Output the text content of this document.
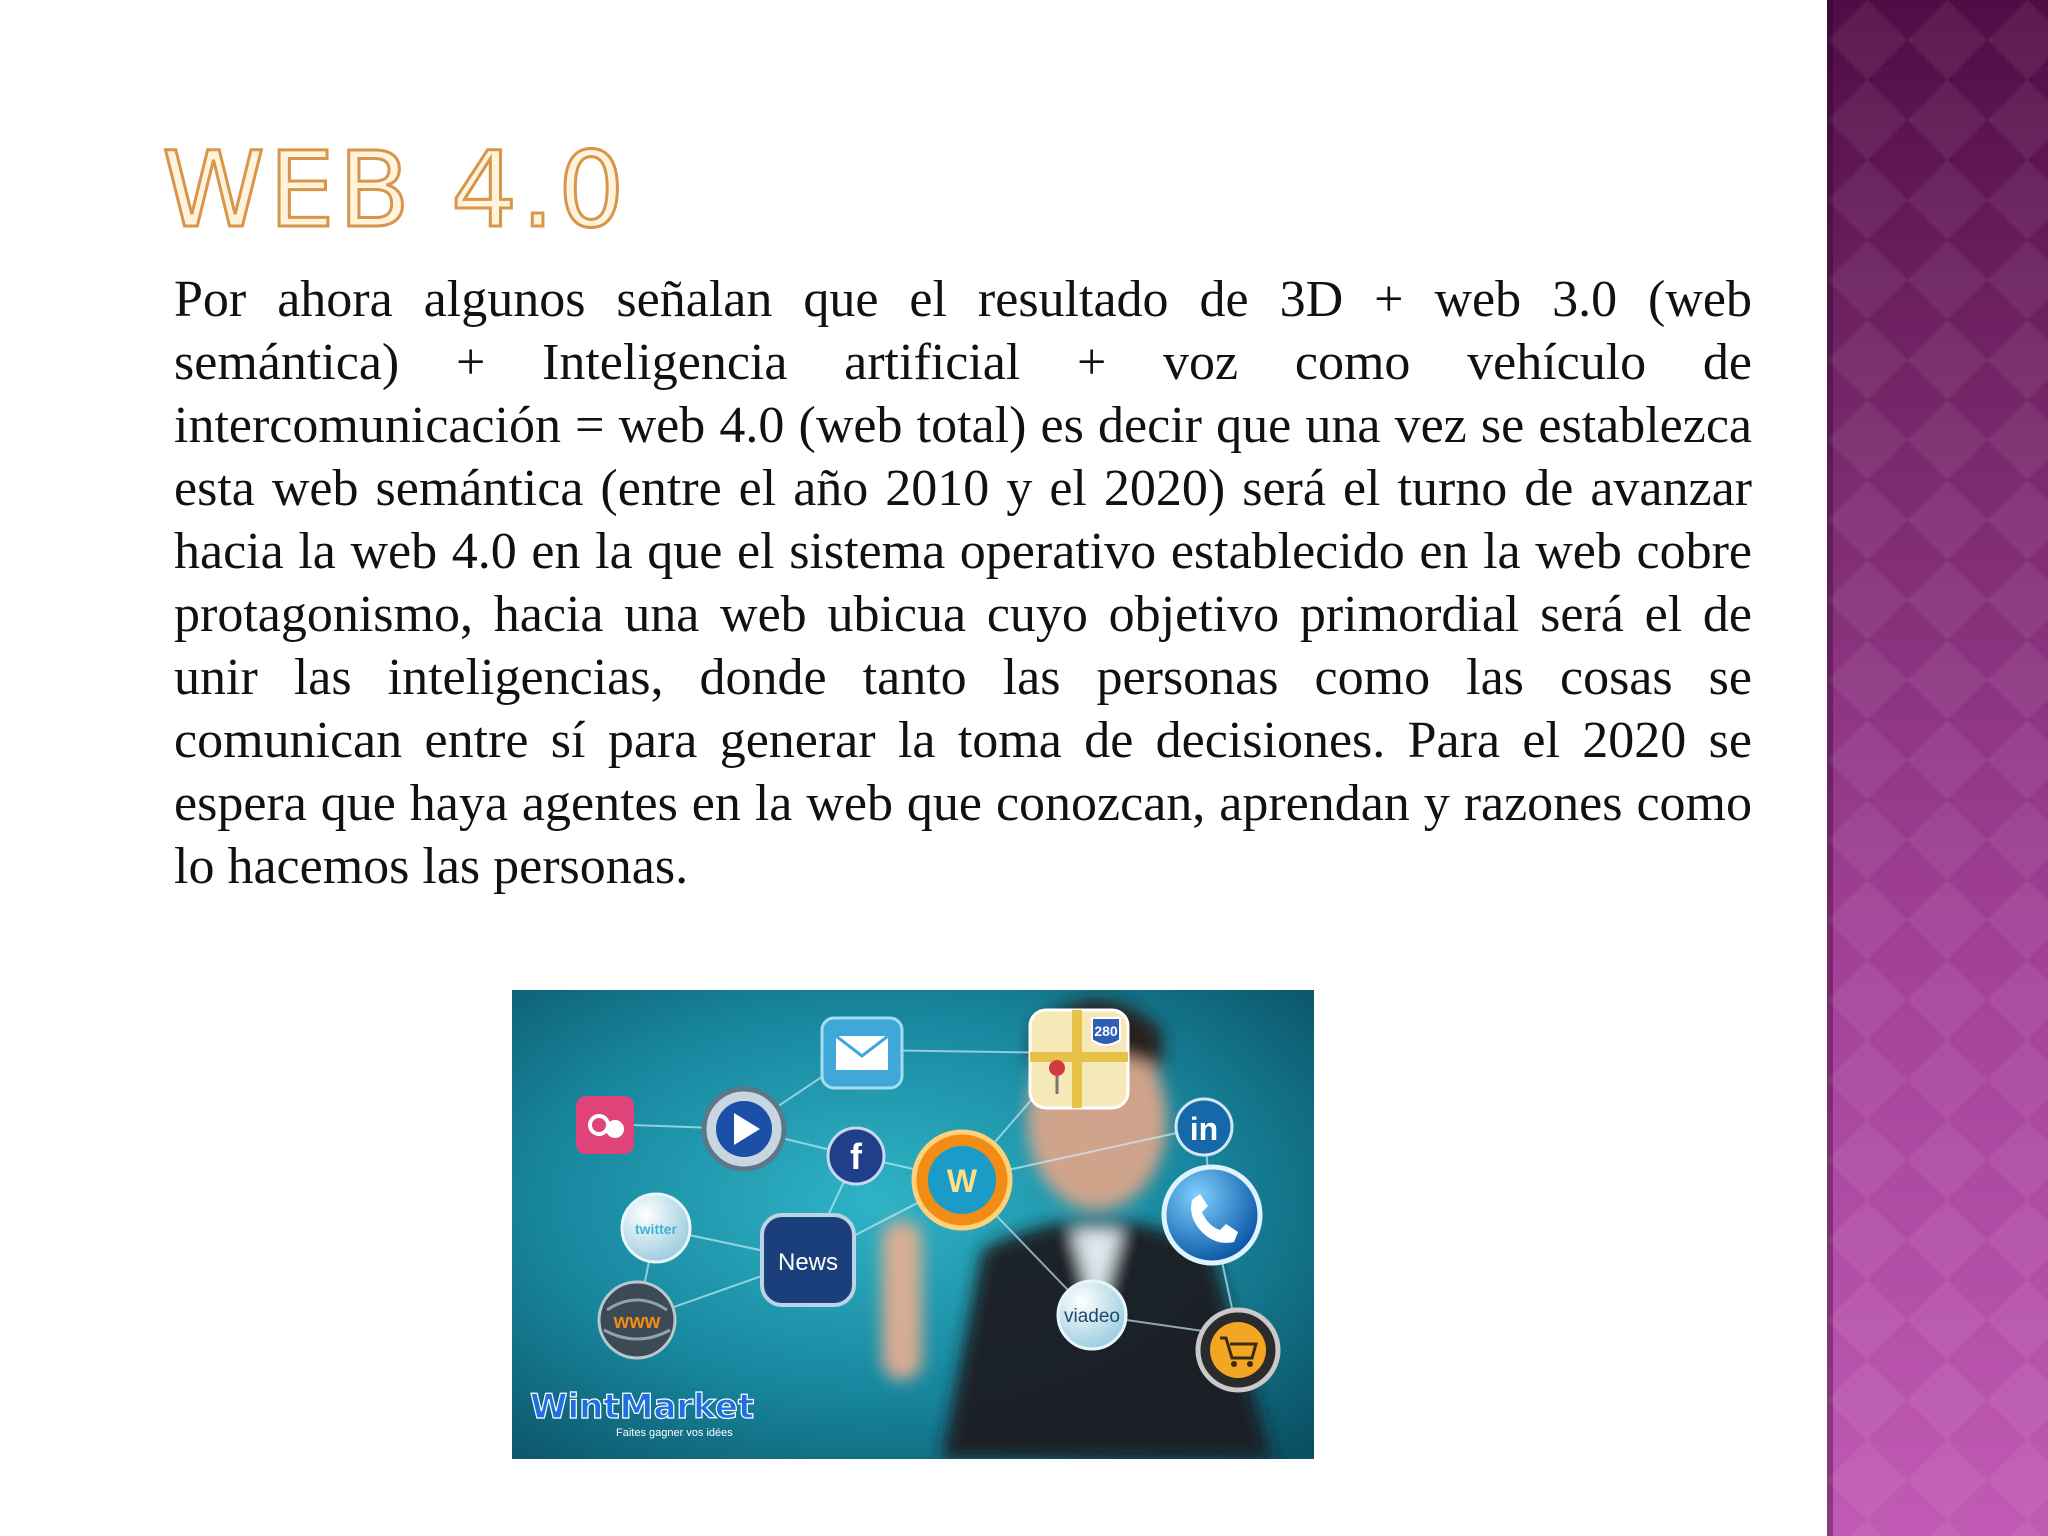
WEB 4.0

Por ahora algunos señalan que el resultado de 3D + web 3.0 (web semántica) + Inteligencia artificial + voz como vehículo de intercomunicación = web 4.0 (web total) es decir que una vez se establezca esta web semántica (entre el año 2010 y el 2020) será el turno de avanzar hacia la web 4.0 en la que el sistema operativo establecido en la web cobre protagonismo, hacia una web ubicua cuyo objetivo primordial será el de unir las inteligencias, donde tanto las personas como las cosas se comunican entre sí para generar la toma de decisiones. Para el 2020 se espera que haya agentes en la web que conozcan, aprendan y razones como lo hacemos las personas.

f
W
280
in
twitter
News
www	viadeo
WintMarket
Faites gagner vos idées
